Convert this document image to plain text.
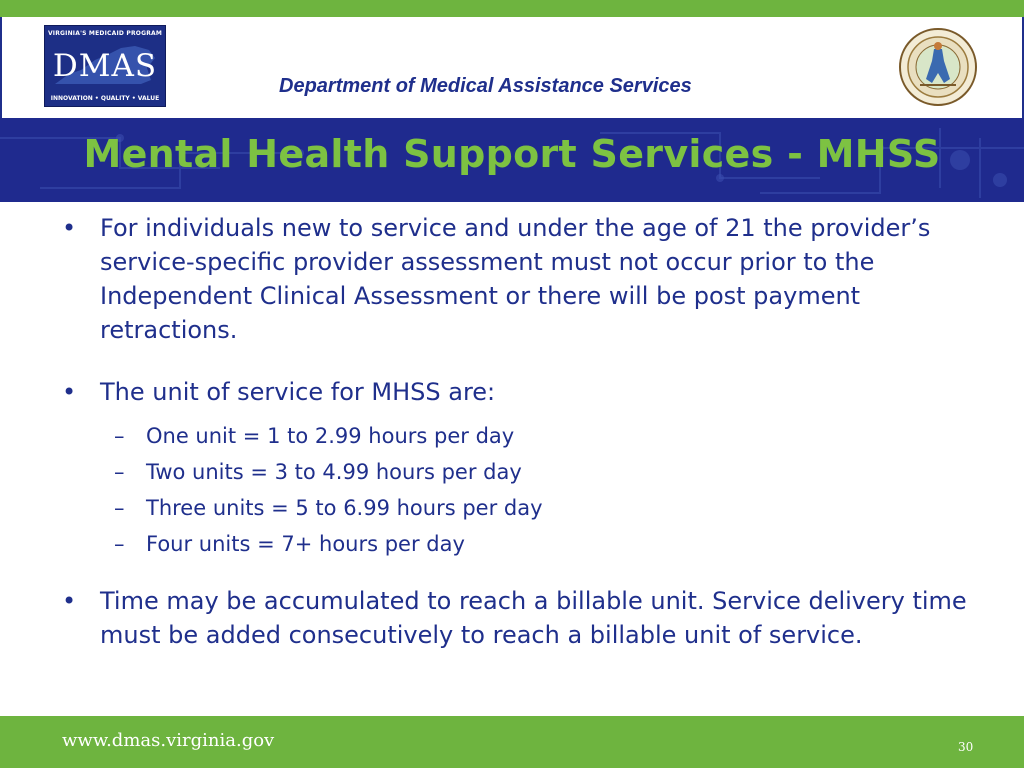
VIRGINIA'S MEDICAID PROGRAM
DMAS
INNOVATION • QUALITY • VALUE
Department of Medical Assistance Services
Mental Health Support Services - MHSS
• For individuals new to service and under the age of 21 the provider’s service-specific provider assessment must not occur prior to the Independent Clinical Assessment or there will be post payment retractions.
• The unit of service for MHSS are:
– One unit = 1 to 2.99 hours per day
– Two units = 3 to 4.99 hours per day
– Three units = 5 to 6.99 hours per day
– Four units = 7+ hours per day
• Time may be accumulated to reach a billable unit. Service delivery time must be added consecutively to reach a billable unit of service.
www.dmas.virginia.gov	30
